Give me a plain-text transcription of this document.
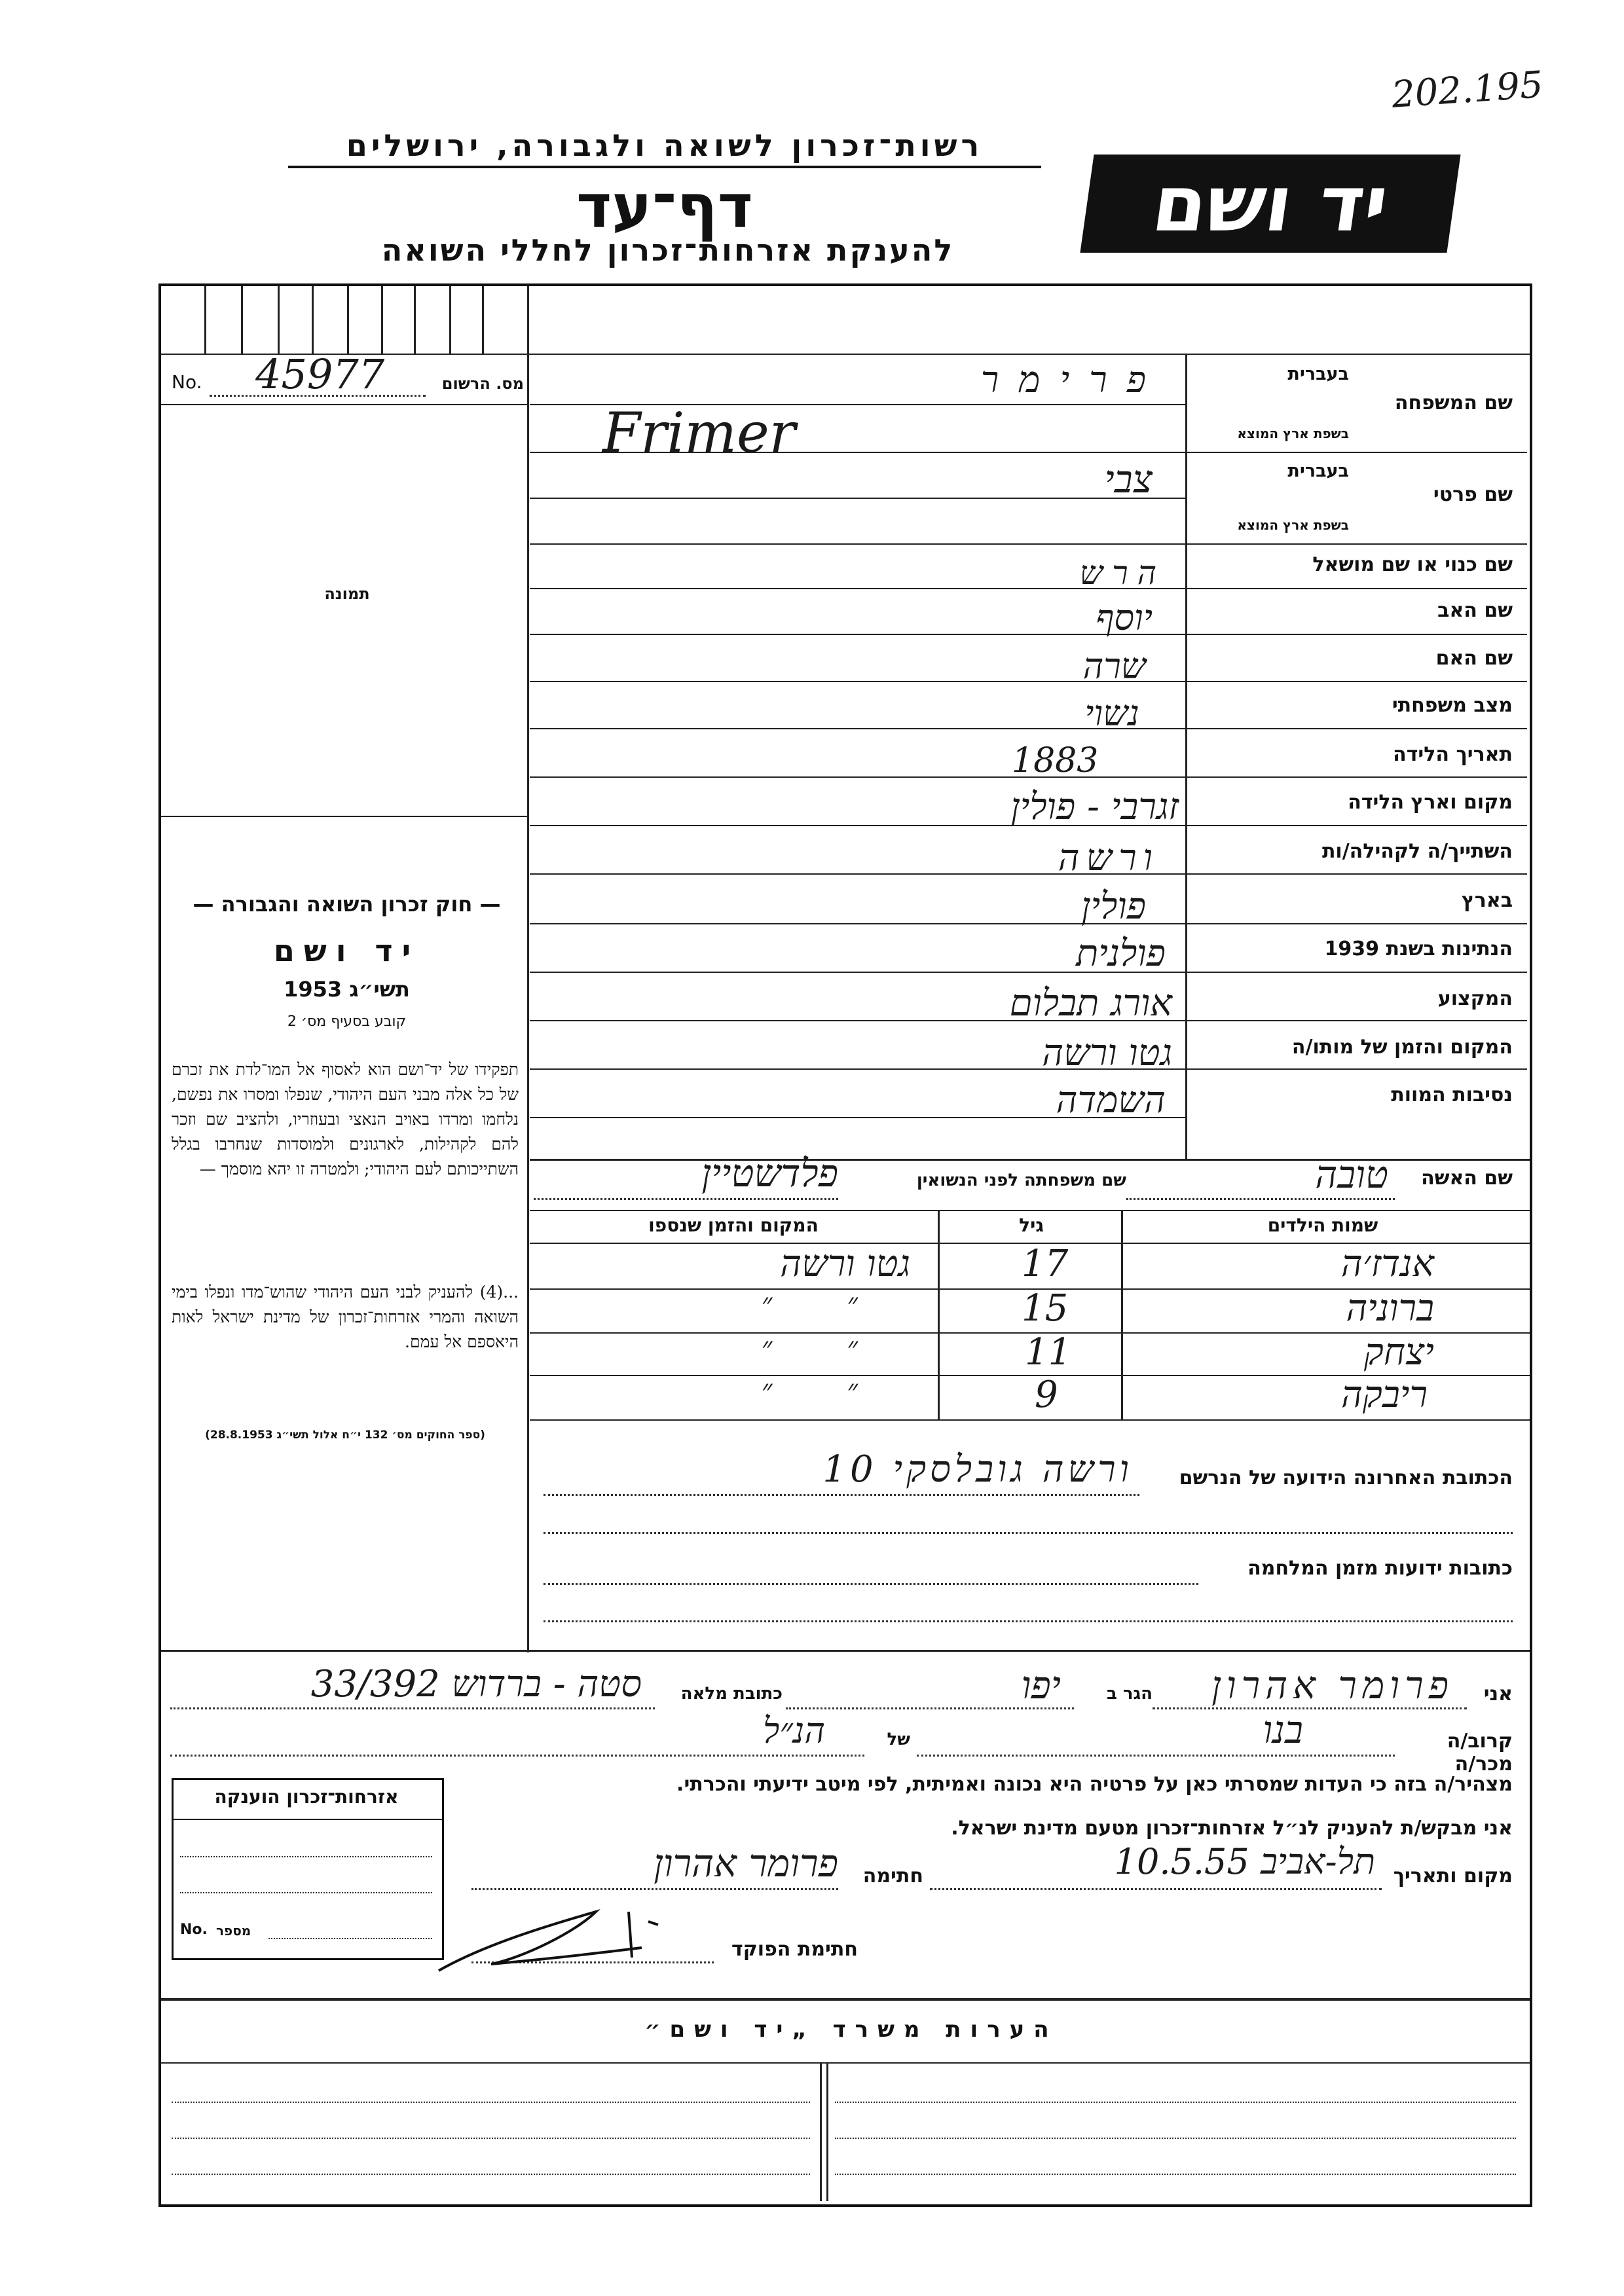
202.195
רשות־זכרון לשואה ולגבורה, ירושלים
דף־עד
להענקת אזרחות־זכרון לחללי השואה
יד ושם
No. 45977	מס. הרשום
תמונה
— חוק זכרון השואה והגבורה —
יד ושם
תשי״ג 1953
קובע בסעיף מס׳ 2
תפקידו של יד־ושם הוא לאסוף אל המו־לדת את זכרם של כל אלה מבני העם היהודי, שנפלו ומסרו את נפשם, נלחמו ומרדו באויב הנאצי ובעוזריו, ולהציב שם וזכר להם לקהילות, לארגונים ולמוסדות שנחרבו בגלל השתייכותם לעם היהודי; ולמטרה זו יהא מוסמך —
...(4) להעניק לבני העם היהודי שהוש־מדו ונפלו בימי השואה והמרי אזרחות־זכרון של מדינת ישראל לאות היאספם אל עמם.
(ספר החוקים מס׳ 132 י״ח אלול תשי״ג 28.8.1953)
שם המשפחה
בעברית
בשפת ארץ המוצא
שם פרטי
בעברית
בשפת ארץ המוצא
שם כנוי או שם מושאל
שם האב
שם האם
מצב משפחתי
תאריך הלידה
מקום וארץ הלידה
השתייך/ה לקהילה/ות
בארץ
הנתינות בשנת 1939
המקצוע
המקום והזמן של מותו/ה
נסיבות המוות
פרימר
Frimer
צבי
הרש
יוסף
שרה
נשוי
1883
זגרבי - פולין
ורשה
פולין
פולנית
אורג תבלום
גטו ורשה
השמדה
שם האשה
טובה
שם משפחתה לפני הנשואין
פלדשטיין
שמות הילדים
גיל
המקום והזמן שנספו
אנדז׳ה
17
גטו ורשה
ברוניה
15
״ ״
יצחק
11
״ ״
ריבקה
9
״ ״
הכתובת האחרונה הידועה של הנרשם
ורשה גובלסקי 10
כתובות ידועות מזמן המלחמה
אני
פרומר אהרון
הגר ב
יפו
כתובת מלאה
סטה - ברדוש 33/392
קרוב/ה מכר/ה
בנו
של
הנ״ל
מצהיר/ה בזה כי העדות שמסרתי כאן על פרטיה היא נכונה ואמיתית, לפי מיטב ידיעתי והכרתי.
אני מבקש/ת להעניק לנ״ל אזרחות־זכרון מטעם מדינת ישראל.
מקום ותאריך
תל-אביב 10.5.55
חתימה
פרומר אהרון
חתימת הפוקד
אזרחות־זכרון הוענקה
No. מספר
הערות משרד „יד ושם״
